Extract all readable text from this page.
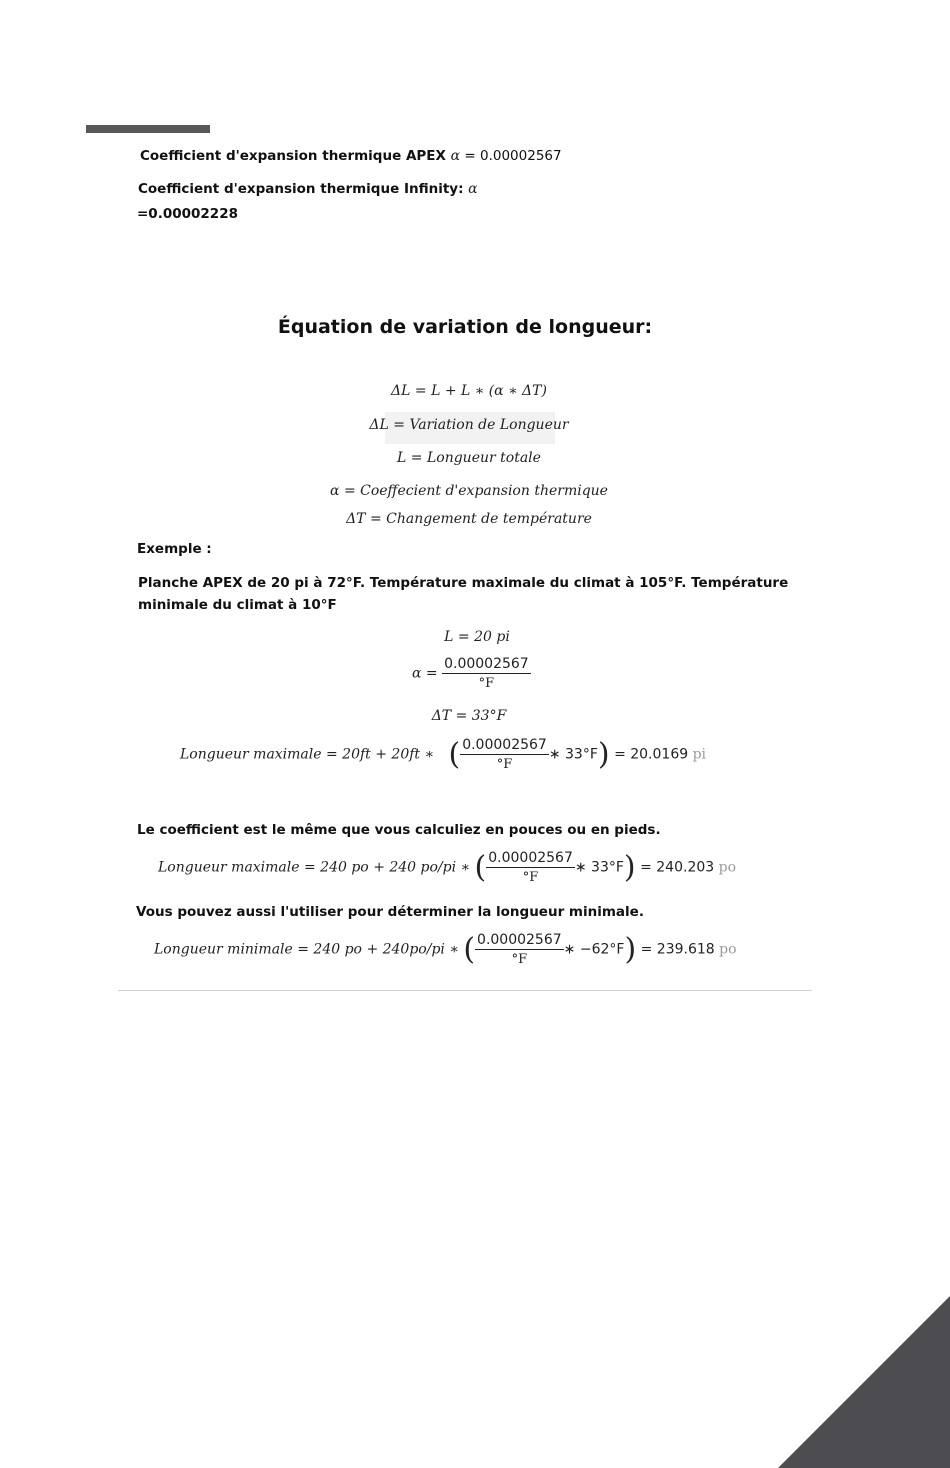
Coefficient d'expansion thermique APEX α = 0.00002567
Coefficient d'expansion thermique Infinity: α
=0.00002228
Équation de variation de longueur:
ΔL = L + L ∗ (α ∗ ΔT)
ΔL = Variation de Longueur
L = Longueur totale
α = Coeffecient d'expansion thermique
ΔT = Changement de température
Exemple :
Planche APEX de 20 pi à 72°F. Température maximale du climat à 105°F. Température
minimale du climat à 10°F
L = 20 pi
$\alpha = \frac{0.00002567}{^\circ F}$
ΔT = 33°F
Longueur maximale = 20ft + 20ft ∗ ( $\frac{0.00002567}{^\circ F}$ ∗ 33°F) = 20.0169 pi
Le coefficient est le même que vous calculiez en pouces ou en pieds.
Longueur maximale = 240 po + 240 po/pi ∗ ( $\frac{0.00002567}{^\circ F}$ ∗ 33°F) = 240.203 po
Vous pouvez aussi l'utiliser pour déterminer la longueur minimale.
Longueur minimale = 240 po + 240po/pi ∗ ( $\frac{0.00002567}{^\circ F}$ ∗ −62°F) = 239.618 po
